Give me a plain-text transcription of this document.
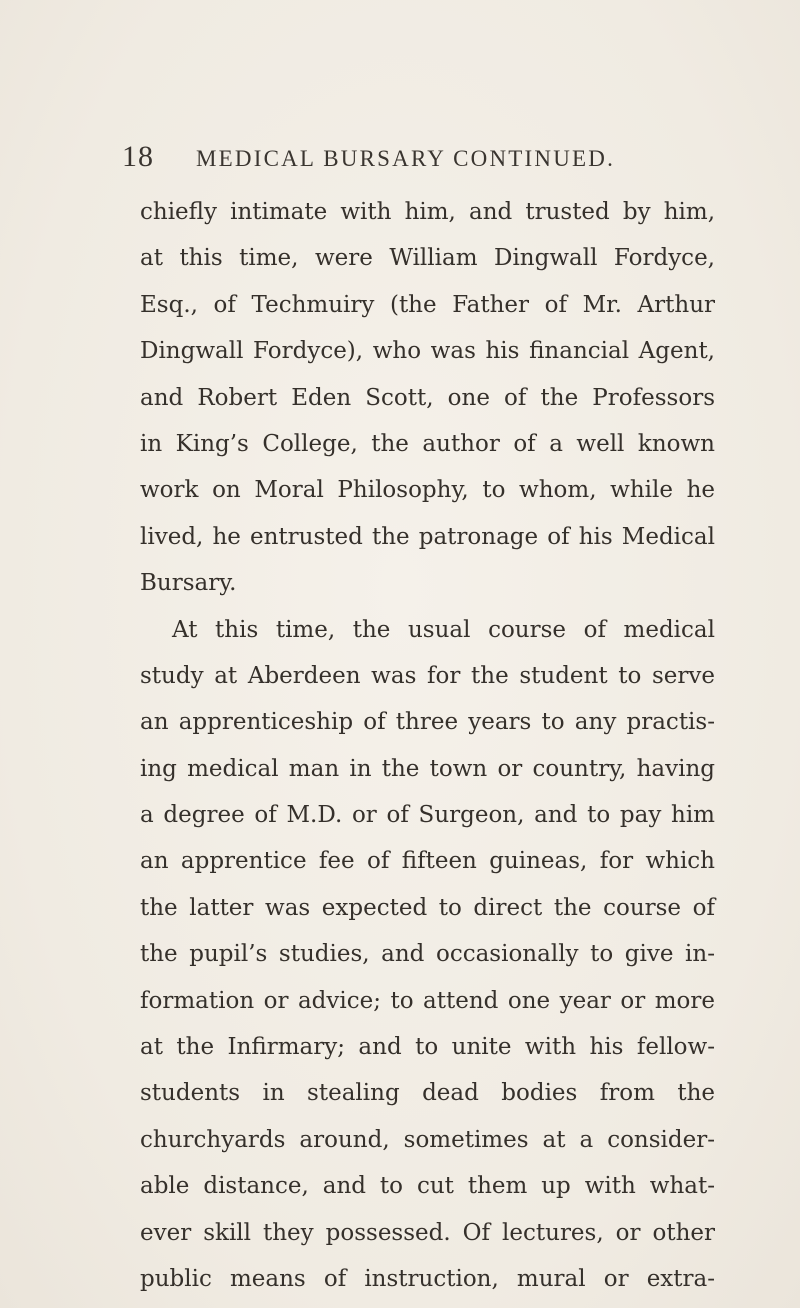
18 MEDICAL BURSARY CONTINUED.
chiefly intimate with him, and trusted by him,
at this time, were William Dingwall Fordyce,
Esq., of Techmuiry (the Father of Mr. Arthur
Dingwall Fordyce), who was his financial Agent,
and Robert Eden Scott, one of the Professors
in King’s College, the author of a well known
work on Moral Philosophy, to whom, while he
lived, he entrusted the patronage of his Medical
Bursary.
At this time, the usual course of medical
study at Aberdeen was for the student to serve
an apprenticeship of three years to any practis-
ing medical man in the town or country, having
a degree of M.D. or of Surgeon, and to pay him
an apprentice fee of fifteen guineas, for which
the latter was expected to direct the course of
the pupil’s studies, and occasionally to give in-
formation or advice; to attend one year or more
at the Infirmary; and to unite with his fellow-
students in stealing dead bodies from the
churchyards around, sometimes at a consider-
able distance, and to cut them up with what-
ever skill they possessed. Of lectures, or other
public means of instruction, mural or extra-
